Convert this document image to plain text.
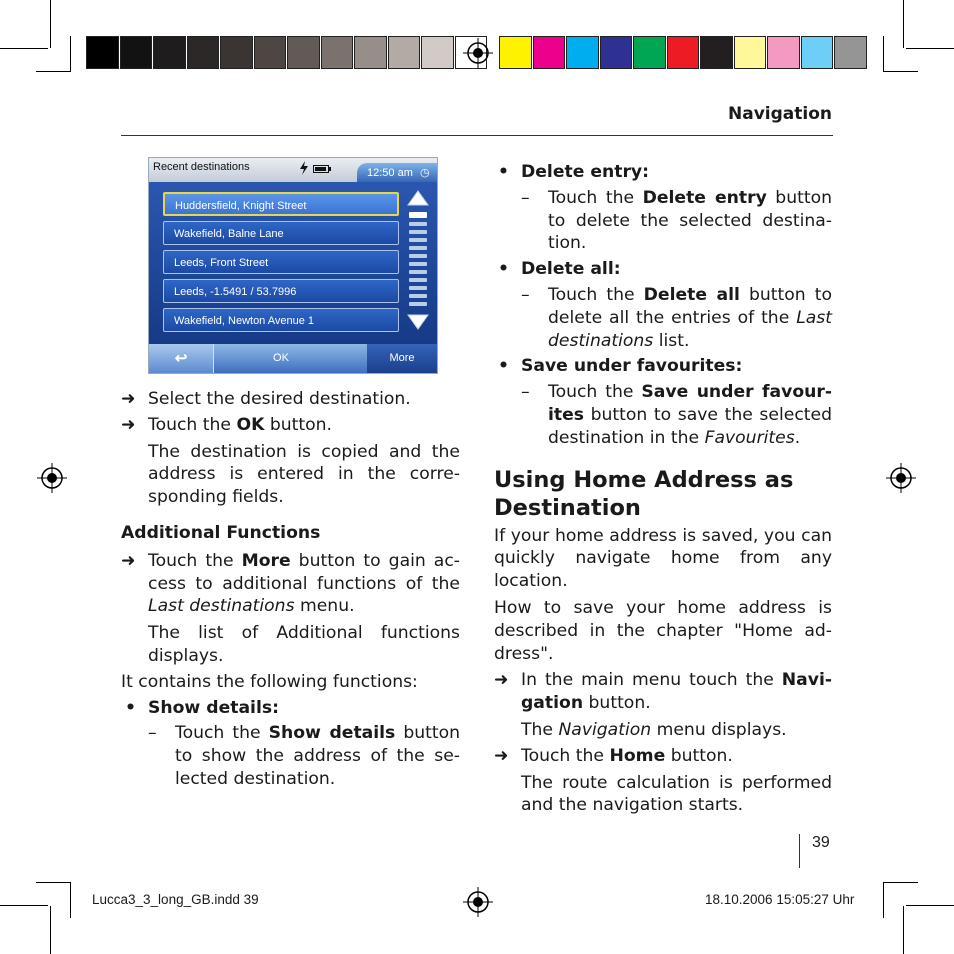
Navigation
Recent destinations	12:50 am ◷
Huddersfield, Knight Street
Wakefield, Balne Lane
Leeds, Front Street
Leeds, -1.5491 / 53.7996
Wakefield, Newton Avenue 1
↩	OK	More

➜ Select the desired destination.

➜ Touch the OK button.

The destination is copied and the address is entered in the corre-sponding fields.

Additional Functions

➜ Touch the More button to gain ac-cess to additional functions of the Last destinations menu.

The list of Additional functions displays.

It contains the following functions:

• Show details:

– Touch the Show details button to show the address of the se-lected destination.

• Delete entry:

– Touch the Delete entry button to delete the selected destina-tion.

• Delete all:

– Touch the Delete all button to delete all the entries of the Last destinations list.

• Save under favourites:

– Touch the Save under favour-ites button to save the selected destination in the Favourites.

Using Home Address as Destination

If your home address is saved, you can quickly navigate home from any location.

How to save your home address is described in the chapter "Home ad-dress".

➜ In the main menu touch the Navi-gation button.

The Navigation menu displays.

➜ Touch the Home button.

The route calculation is performed and the navigation starts.

39
Lucca3_3_long_GB.indd 39	18.10.2006 15:05:27 Uhr
